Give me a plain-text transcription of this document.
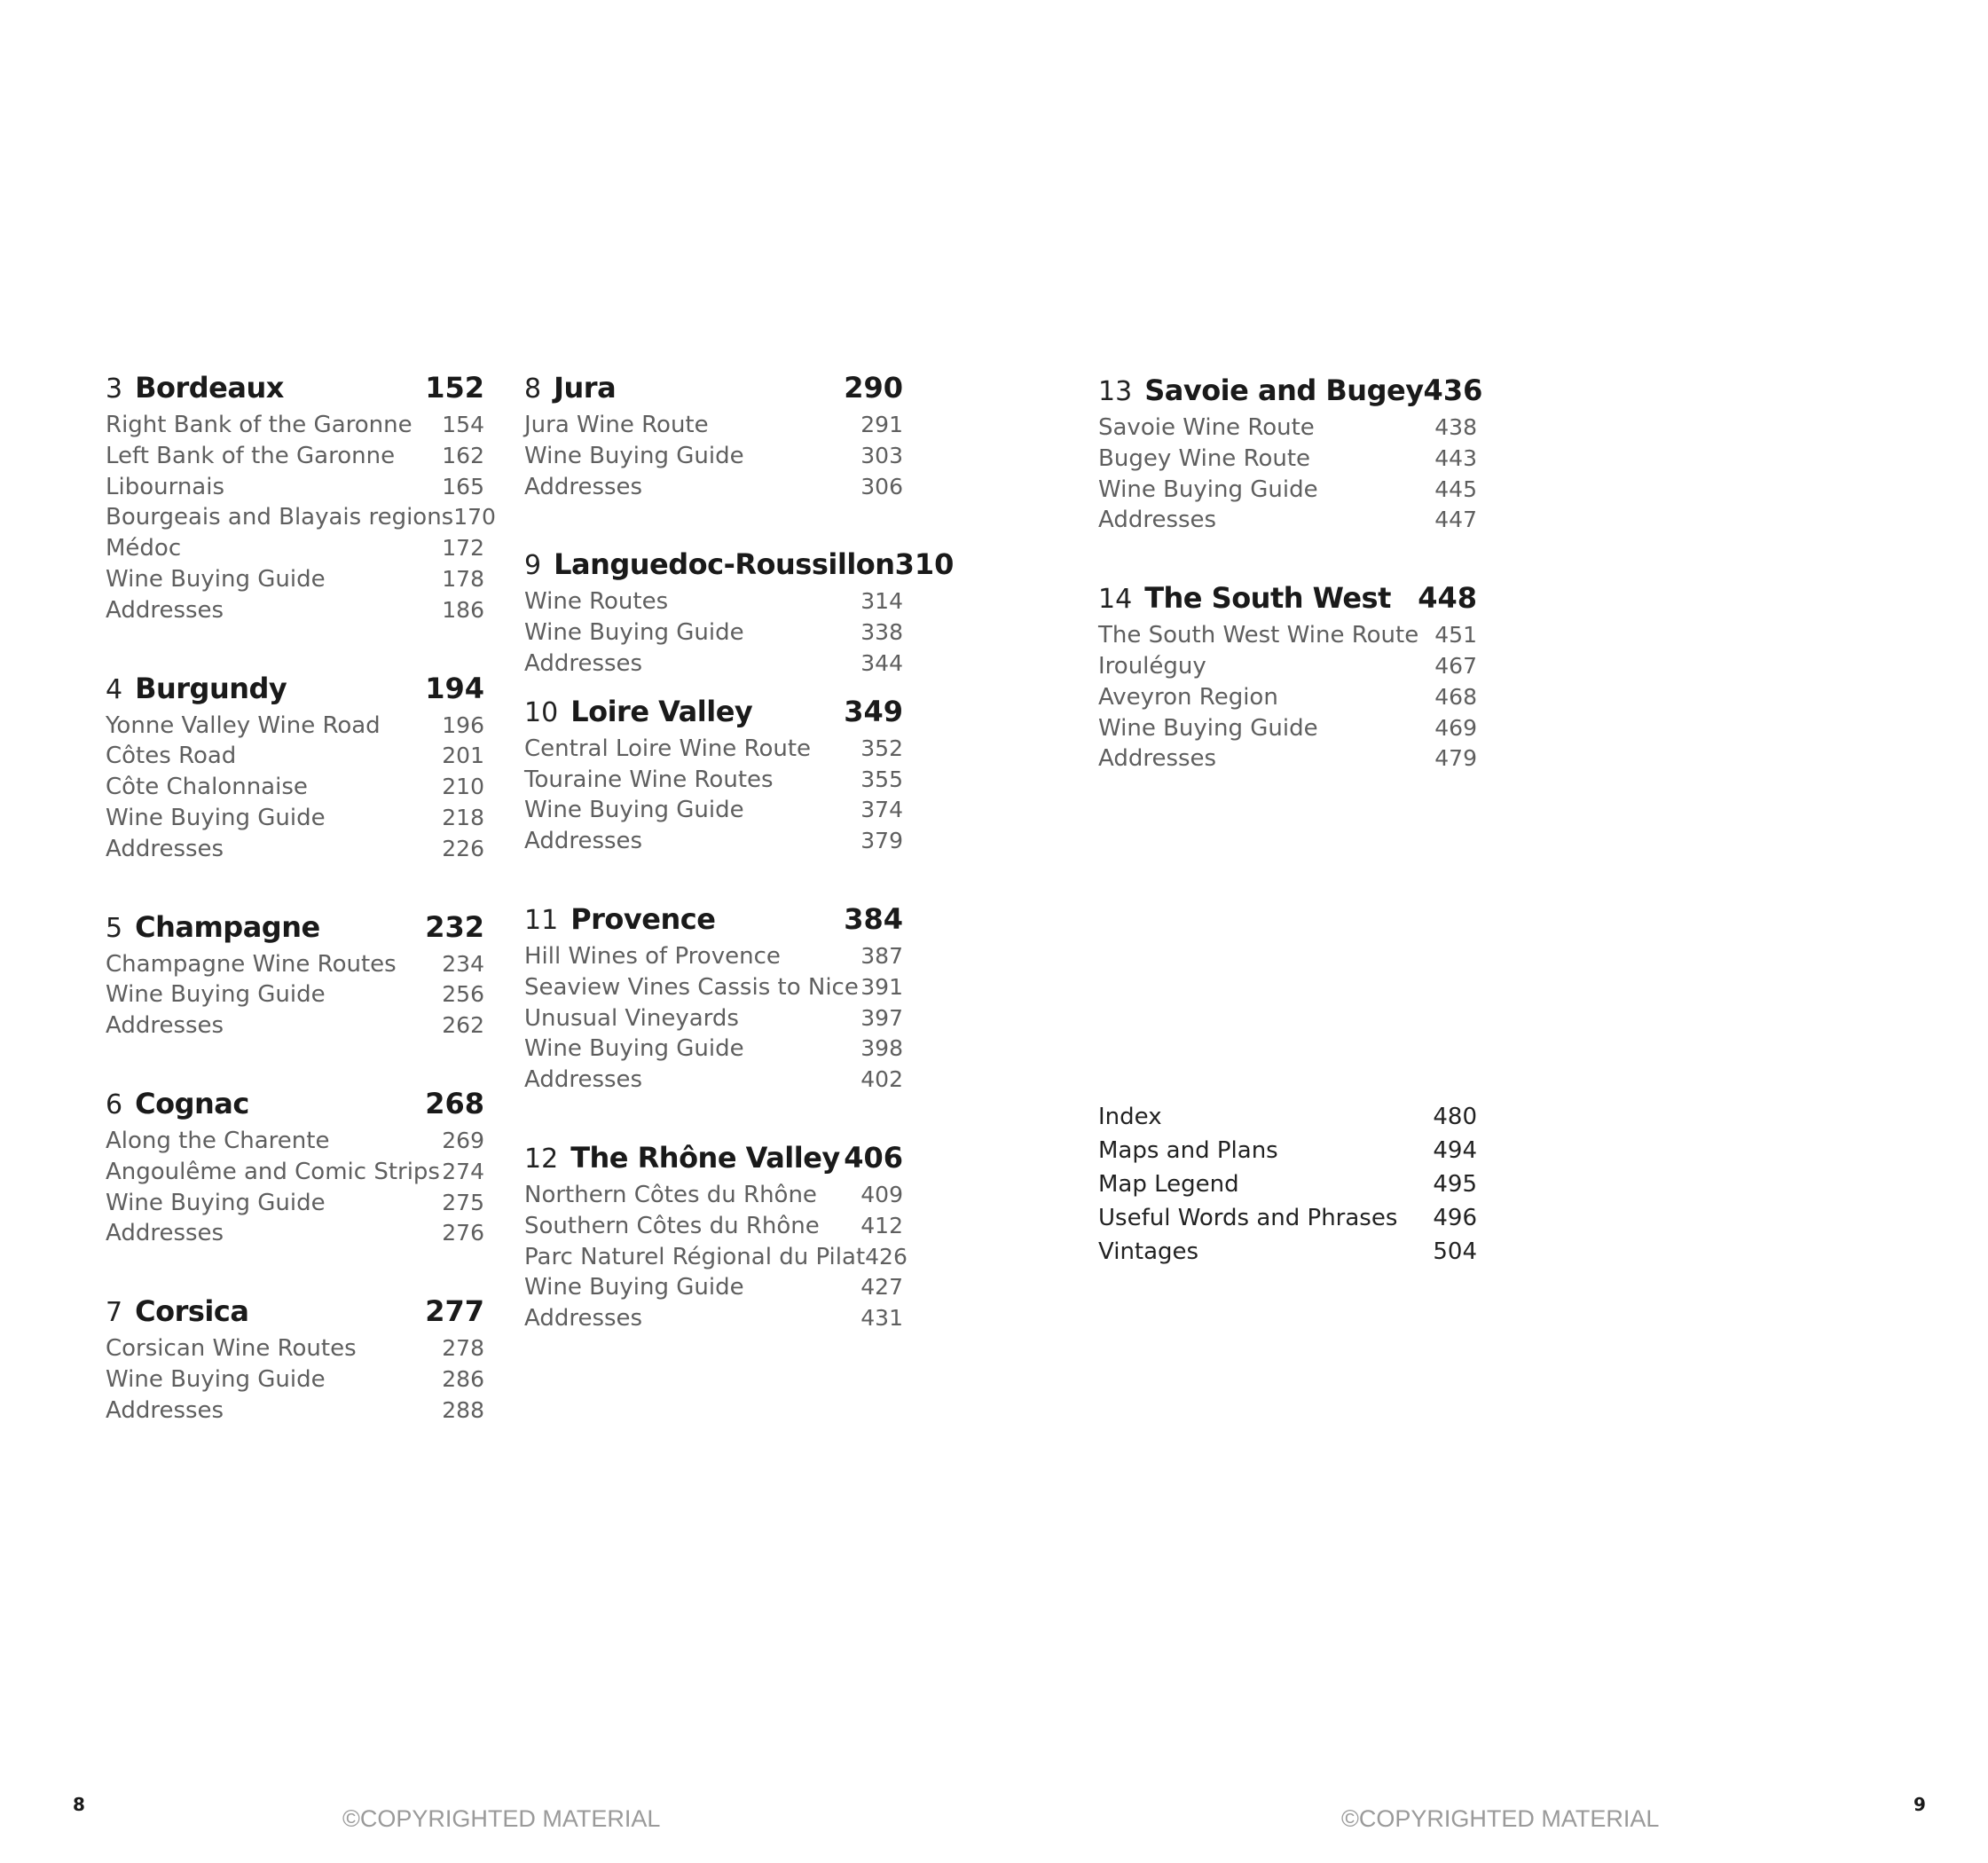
3 Bordeaux	152
Right Bank of the Garonne 154
Left Bank of the Garonne 162
Libournais	165
Bourgeais and Blayais regions 170
Médoc	172
Wine Buying Guide	178
Addresses	186
4 Burgundy	194
Yonne Valley Wine Road	196
Côtes Road	201
Côte Chalonnaise	210
Wine Buying Guide	218
Addresses	226
5 Champagne	232
Champagne Wine Routes 234
Wine Buying Guide	256
Addresses	262
6 Cognac	268
Along the Charente	269
Angoulême and Comic Strips 274
Wine Buying Guide	275
Addresses	276
7 Corsica	277
Corsican Wine Routes	278
Wine Buying Guide	286
Addresses	288
8 Jura	290
Jura Wine Route	291
Wine Buying Guide	303
Addresses	306
9 Languedoc-Roussillon 310
Wine Routes	314
Wine Buying Guide	338
Addresses	344
10 Loire Valley	349
Central Loire Wine Route 352
Touraine Wine Routes	355
Wine Buying Guide	374
Addresses	379
11 Provence	384
Hill Wines of Provence	387
Seaview Vines Cassis to Nice 391
Unusual Vineyards	397
Wine Buying Guide	398
Addresses	402
12 The Rhône Valley 406
Northern Côtes du Rhône 409
Southern Côtes du Rhône 412
Parc Naturel Régional du Pilat 426
Wine Buying Guide	427
Addresses	431
13 Savoie and Bugey 436
Savoie Wine Route	438
Bugey Wine Route	443
Wine Buying Guide	445
Addresses	447
14 The South West 448
The South West Wine Route 451
Irouléguy	467
Aveyron Region	468
Wine Buying Guide	469
Addresses	479
Index	480
Maps and Plans	494
Map Legend	495
Useful Words and Phrases 496
Vintages	504
8	9
©COPYRIGHTED MATERIAL	©COPYRIGHTED MATERIAL
